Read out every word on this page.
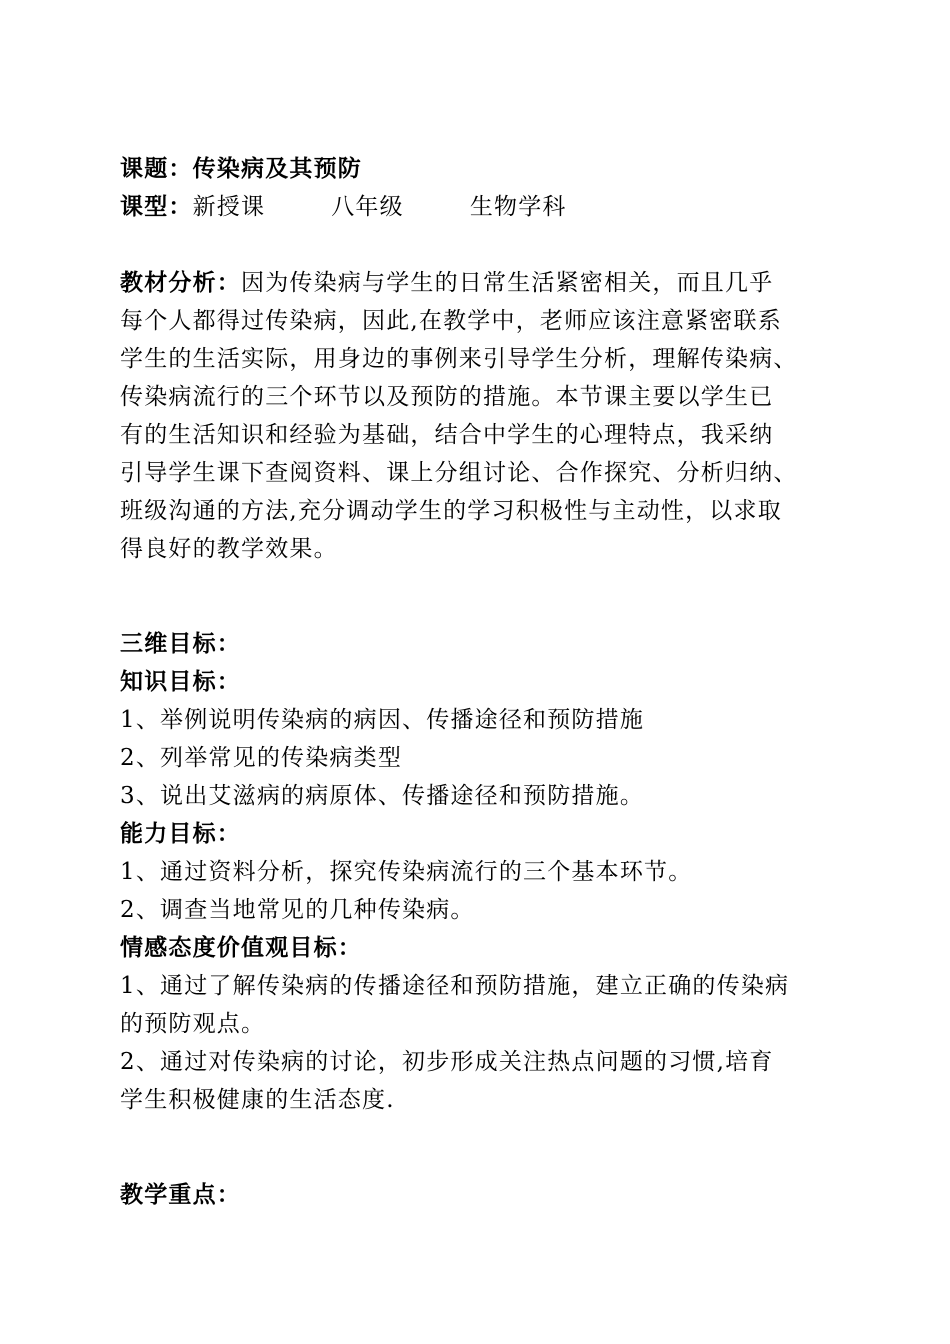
课题：传染病及其预防
课型：新授课	八年级	生物学科
教材分析：因为传染病与学生的日常生活紧密相关，而且几乎
每个人都得过传染病，因此,在教学中，老师应该注意紧密联系
学生的生活实际，用身边的事例来引导学生分析，理解传染病、
传染病流行的三个环节以及预防的措施。本节课主要以学生已
有的生活知识和经验为基础，结合中学生的心理特点，我采纳
引导学生课下查阅资料、课上分组讨论、合作探究、分析归纳、
班级沟通的方法,充分调动学生的学习积极性与主动性，以求取
得良好的教学效果。
三维目标：
知识目标：
1、举例说明传染病的病因、传播途径和预防措施
2、列举常见的传染病类型
3、说出艾滋病的病原体、传播途径和预防措施。
能力目标：
1、通过资料分析，探究传染病流行的三个基本环节。
2、调查当地常见的几种传染病。
情感态度价值观目标：
1、通过了解传染病的传播途径和预防措施，建立正确的传染病
的预防观点。
2、通过对传染病的讨论，初步形成关注热点问题的习惯,培育
学生积极健康的生活态度.
教学重点：
